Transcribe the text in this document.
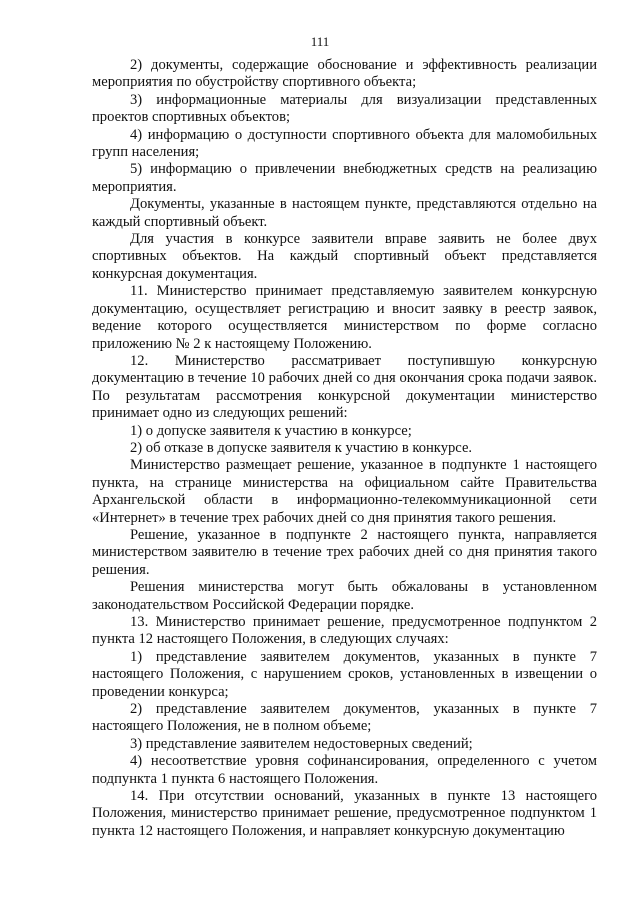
111

2) документы, содержащие обоснование и эффективность реализации мероприятия по обустройству спортивного объекта;

3) информационные материалы для визуализации представленных проектов спортивных объектов;

4) информацию о доступности спортивного объекта для маломобильных групп населения;

5) информацию о привлечении внебюджетных средств на реализацию мероприятия.

Документы, указанные в настоящем пункте, представляются отдельно на каждый спортивный объект.

Для участия в конкурсе заявители вправе заявить не более двух спортивных объектов. На каждый спортивный объект представляется конкурсная документация.

11. Министерство принимает представляемую заявителем конкурсную документацию, осуществляет регистрацию и вносит заявку в реестр заявок, ведение которого осуществляется министерством по форме согласно приложению № 2 к настоящему Положению.

12. Министерство рассматривает поступившую конкурсную документацию в течение 10 рабочих дней со дня окончания срока подачи заявок. По результатам рассмотрения конкурсной документации министерство принимает одно из следующих решений:

1) о допуске заявителя к участию в конкурсе;

2) об отказе в допуске заявителя к участию в конкурсе.

Министерство размещает решение, указанное в подпункте 1 настоящего пункта, на странице министерства на официальном сайте Правительства Архангельской области в информационно-телекоммуникационной сети «Интернет» в течение трех рабочих дней со дня принятия такого решения.

Решение, указанное в подпункте 2 настоящего пункта, направляется министерством заявителю в течение трех рабочих дней со дня принятия такого решения.

Решения министерства могут быть обжалованы в установленном законодательством Российской Федерации порядке.

13. Министерство принимает решение, предусмотренное подпунктом 2 пункта 12 настоящего Положения, в следующих случаях:

1) представление заявителем документов, указанных в пункте 7 настоящего Положения, с нарушением сроков, установленных в извещении о проведении конкурса;

2) представление заявителем документов, указанных в пункте 7 настоящего Положения, не в полном объеме;

3) представление заявителем недостоверных сведений;

4) несоответствие уровня софинансирования, определенного с учетом подпункта 1 пункта 6 настоящего Положения.

14. При отсутствии оснований, указанных в пункте 13 настоящего Положения, министерство принимает решение, предусмотренное подпунктом 1 пункта 12 настоящего Положения, и направляет конкурсную документацию
